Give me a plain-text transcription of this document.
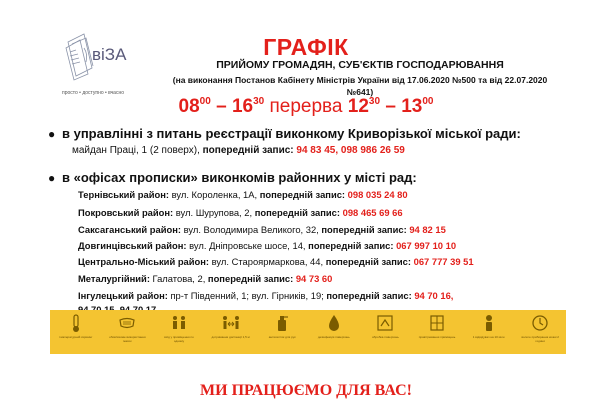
віЗА
просто • доступно • вчасно
ГРАФІК
ПРИЙОМУ ГРОМАДЯН, СУБ'ЄКТІВ ГОСПОДАРЮВАННЯ
(на виконання Постанов Кабінету Міністрів України від 17.06.2020 №500 та від 22.07.2020
№641)
$08^{00} - 16^{30}$ перерва $12^{30} - 13^{00}$
● в управлінні з питань реєстрації виконкому Криворізької міської ради:
майдан Праці, 1 (2 поверх), попередній запис: 94 83 45, 098 986 26 59
● в «офісах прописки» виконкомів районних у місті рад:
Тернівський район: вул. Короленка, 1А, попередній запис: 098 035 24 80
Покровський район: вул. Шурупова, 2, попередній запис: 098 465 69 66
Саксаганський район: вул. Володимира Великого, 32, попередній запис: 94 82 15
Довгинцівський район: вул. Дніпровське шосе, 14, попередній запис: 067 997 10 10
Центрально-Міський район: вул. Староярмаркова, 44, попередній запис: 067 777 39 51
Металургійний: Галатова, 2, попередній запис: 94 73 60
Інгулецький район: пр-т Південний, 1; вул. Гірників, 19; попередній запис: 94 70 16,
температурний скринінг	обов'язкове використання масок
вхід у приміщення по одному
дотримання дистанції 1,5 м	антисептик для рук	дезінфекція поверхонь	обробка поверхонь	провітрювання приміщень	1 відвідувач на 10 кв.м	вологе прибирання кожні 2 години
МИ ПРАЦЮЄМО ДЛЯ ВАС!
